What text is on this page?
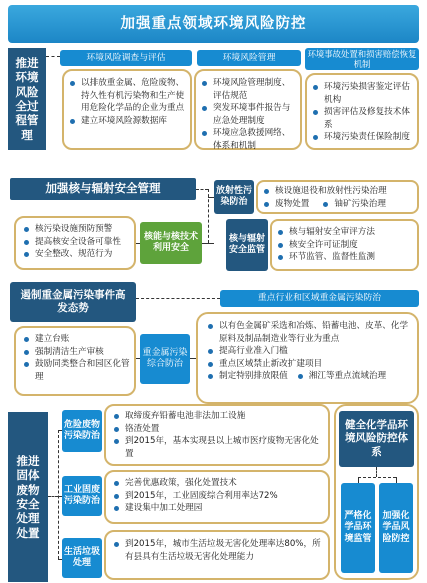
加强重点领域环境风险防控
推进环境风险全过程管理
环境风险调查与评估
以排放重金属、危险废物、持久性有机污染物和生产使用危险化学品的企业为重点
建立环境风险源数据库
环境风险管理
环境风险管理制度、评估规范
突发环境事件报告与应急处理制度
环境应急救援网络、体系和机制
环境事故处置和损害赔偿恢复机制
环境污染损害鉴定评估机构
损害评估及修复技术体系
环境污染责任保险制度
加强核与辐射安全管理
核污染设施预防预警
提高核安全设备可靠性
安全整改、规范行为
核能与核技术利用安全
放射性污染防治
核设施退役和放射性污染治理
废物处置	铀矿污染治理
核与辐射安全监管
核与辐射安全审评方法
核安全许可证制度
环节监管、监督性监测
遏制重金属污染事件高发态势
重点行业和区域重金属污染防治
建立台账
强制清洁生产审核
鼓励同类整合和园区化管理
重金属污染综合防治
以有色金属矿采选和冶炼、铅蓄电池、皮革、化学原料及制品制造业等行业为重点
提高行业准入门槛
重点区域禁止新改扩建项目
制定特别排放限值	湘江等重点流域治理
推进固体废物安全处理处置
危险废物污染防治
取缔废弃铅蓄电池非法加工设施
铬渣处置
到2015年，基本实现县以上城市医疗废物无害化处置
工业固废污染防治
完善优惠政策，强化处置技术
到2015年，工业固废综合利用率达72%
建设集中加工处理园
生活垃圾处理
到2015年，城市生活垃圾无害化处理率达80%，所有县具有生活垃圾无害化处理能力
健全化学品环境风险防控体系
严格化学品环境监管
加强化学品风险防控
